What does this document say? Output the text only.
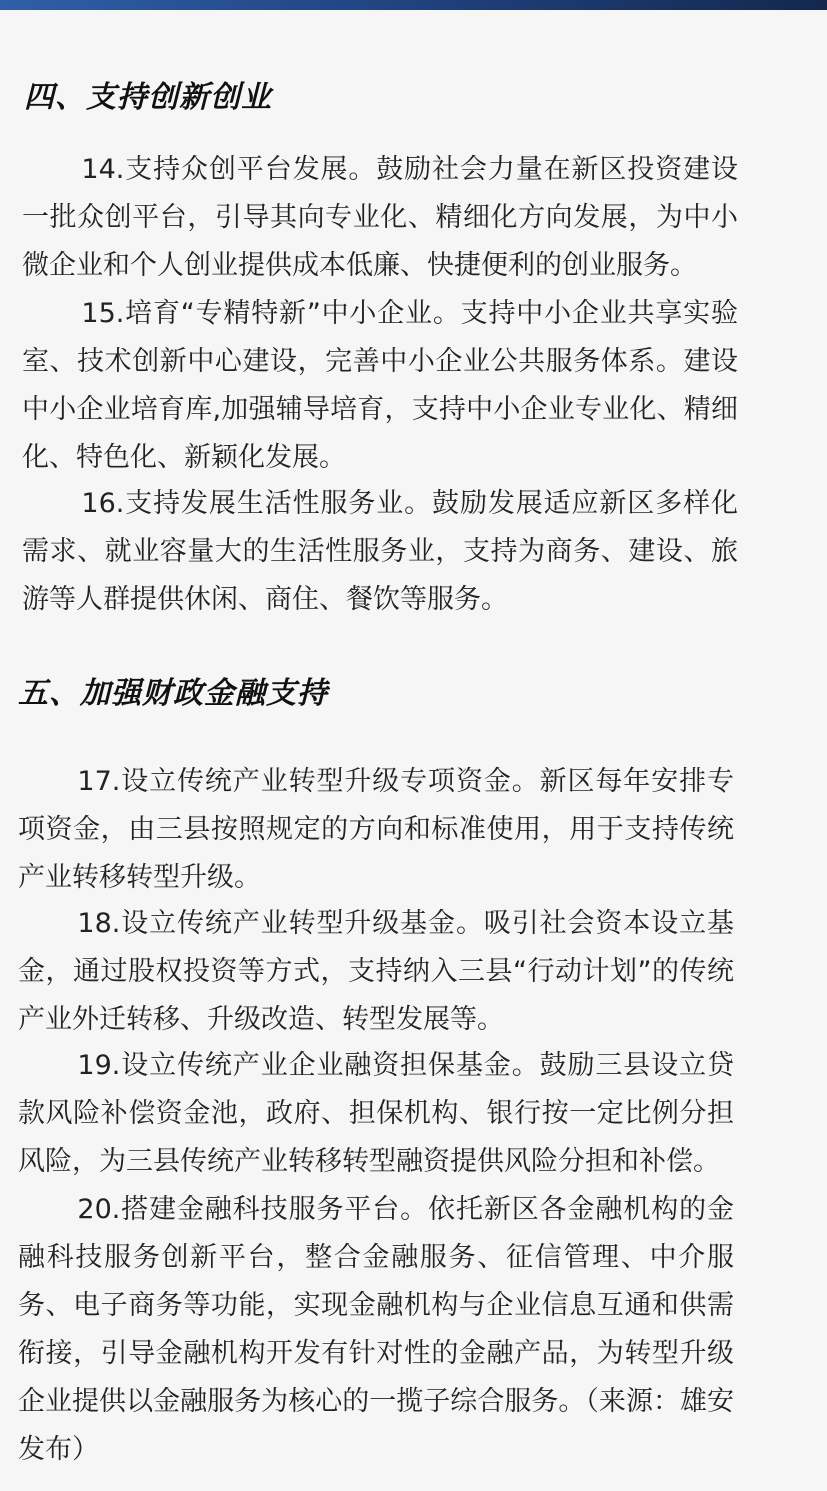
四、支持创新创业

14.支持众创平台发展。鼓励社会力量在新区投资建设一批众创平台，引导其向专业化、精细化方向发展，为中小微企业和个人创业提供成本低廉、快捷便利的创业服务。

15.培育“专精特新”中小企业。支持中小企业共享实验室、技术创新中心建设，完善中小企业公共服务体系。建设中小企业培育库,加强辅导培育，支持中小企业专业化、精细化、特色化、新颖化发展。

16.支持发展生活性服务业。鼓励发展适应新区多样化需求、就业容量大的生活性服务业，支持为商务、建设、旅游等人群提供休闲、商住、餐饮等服务。

五、加强财政金融支持

17.设立传统产业转型升级专项资金。新区每年安排专项资金，由三县按照规定的方向和标准使用，用于支持传统产业转移转型升级。

18.设立传统产业转型升级基金。吸引社会资本设立基金，通过股权投资等方式，支持纳入三县“行动计划”的传统产业外迁转移、升级改造、转型发展等。

19.设立传统产业企业融资担保基金。鼓励三县设立贷款风险补偿资金池，政府、担保机构、银行按一定比例分担风险，为三县传统产业转移转型融资提供风险分担和补偿。

20.搭建金融科技服务平台。依托新区各金融机构的金融科技服务创新平台，整合金融服务、征信管理、中介服务、电子商务等功能，实现金融机构与企业信息互通和供需衔接，引导金融机构开发有针对性的金融产品，为转型升级企业提供以金融服务为核心的一揽子综合服务。（来源：雄安发布）
